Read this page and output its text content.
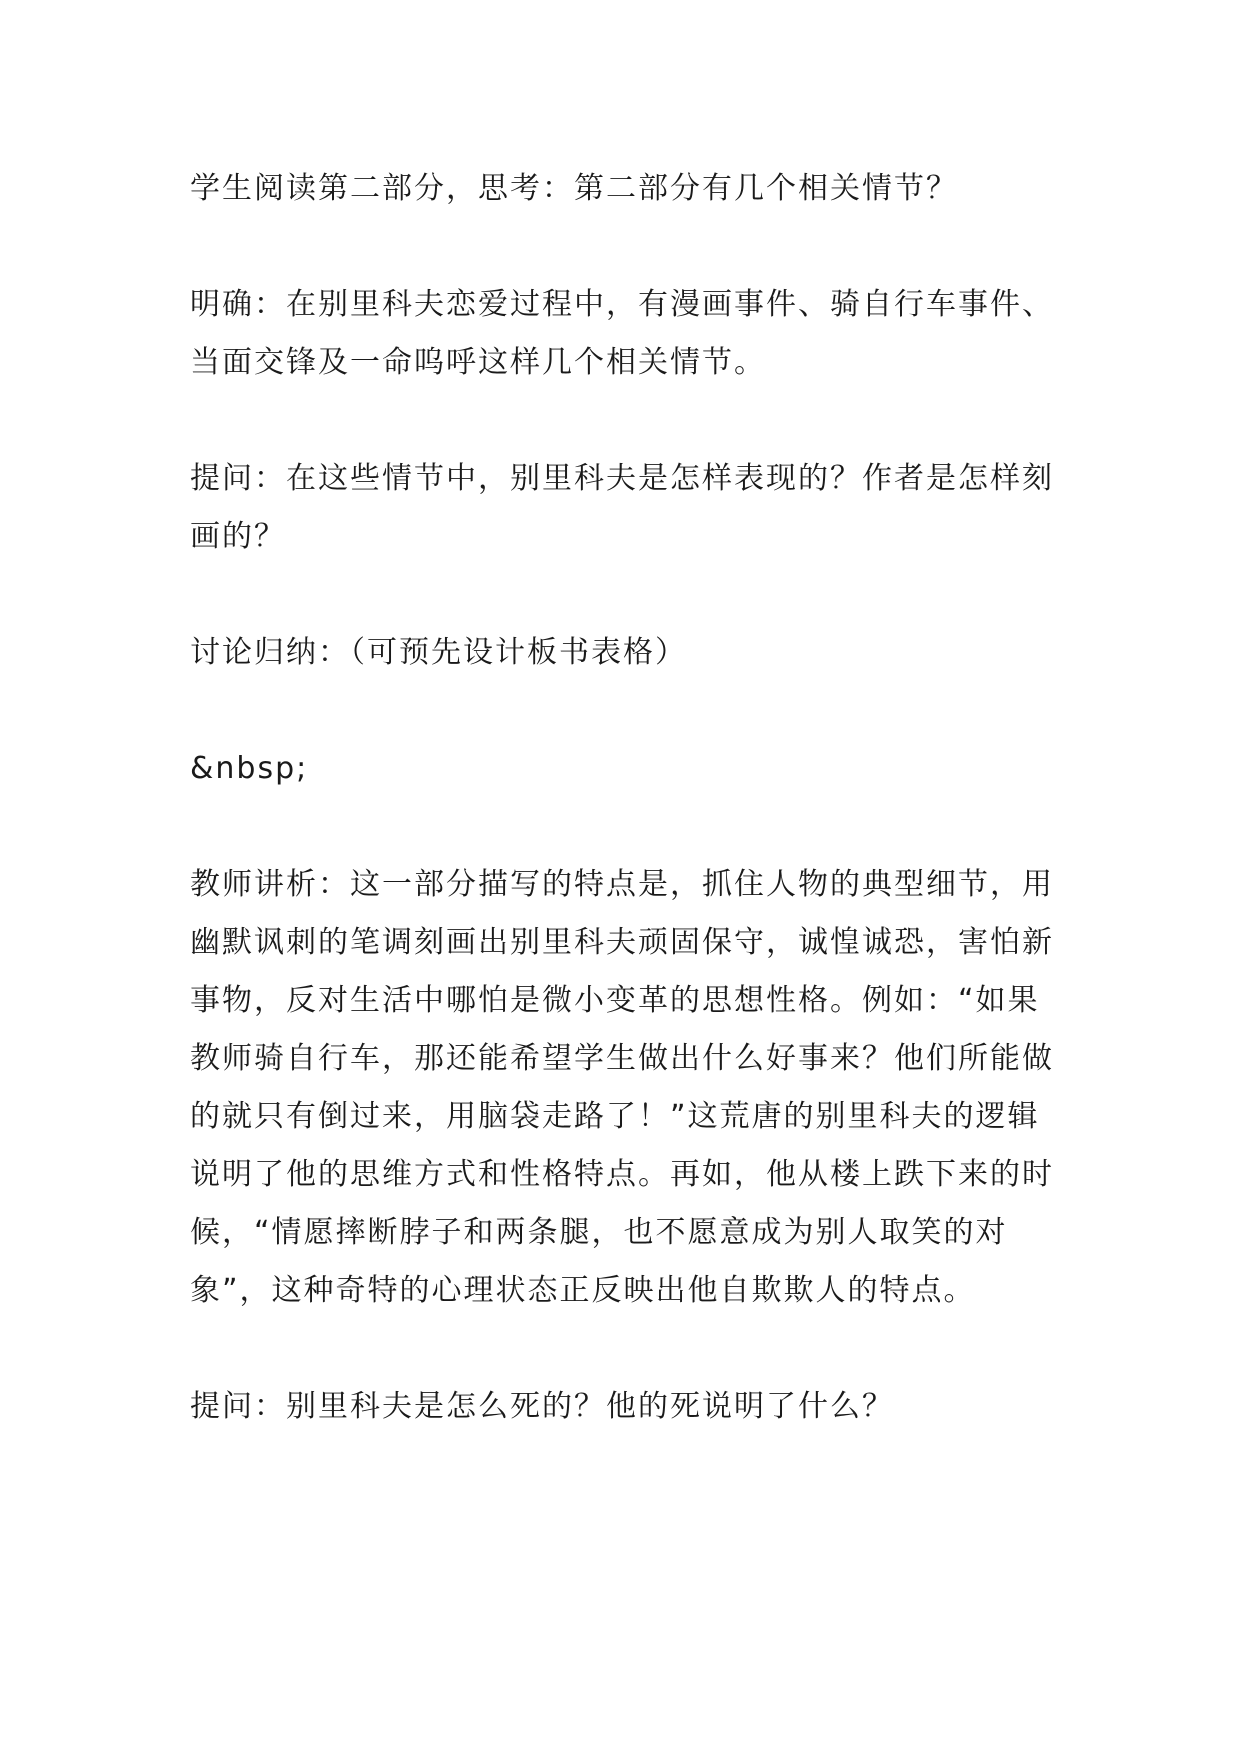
学生阅读第二部分，思考：第二部分有几个相关情节？

明确：在别里科夫恋爱过程中，有漫画事件、骑自行车事件、当面交锋及一命呜呼这样几个相关情节。

提问：在这些情节中，别里科夫是怎样表现的？作者是怎样刻画的？

讨论归纳：（可预先设计板书表格）

&nbsp;

教师讲析：这一部分描写的特点是，抓住人物的典型细节，用幽默讽刺的笔调刻画出别里科夫顽固保守，诚惶诚恐，害怕新事物，反对生活中哪怕是微小变革的思想性格。例如：“如果教师骑自行车，那还能希望学生做出什么好事来？他们所能做的就只有倒过来，用脑袋走路了！”这荒唐的别里科夫的逻辑说明了他的思维方式和性格特点。再如，他从楼上跌下来的时候，“情愿摔断脖子和两条腿，也不愿意成为别人取笑的对象”，这种奇特的心理状态正反映出他自欺欺人的特点。

提问：别里科夫是怎么死的？他的死说明了什么？
